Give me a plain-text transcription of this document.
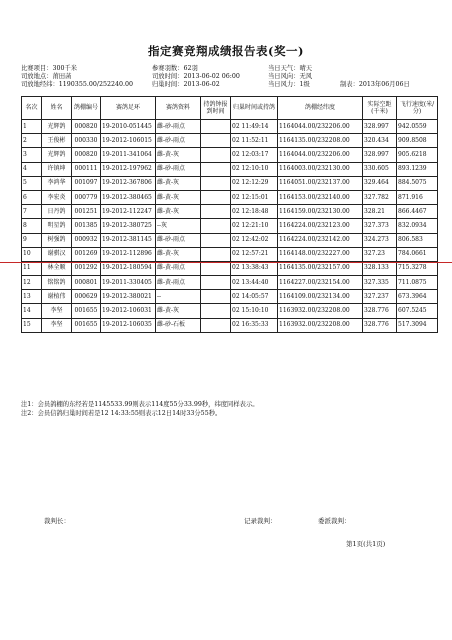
指定赛竞翔成绩报告表(奖一)
比赛项目：300千米	参赛羽数：62羽	当日天气：晴天
司放地点：莆田菡	司放时间：2013-06-02 06:00	当日风向：无风
司放地经纬：1190355.00/252240.00	归巢时间：2013-06-02	当日风力：1级	制表：2013年06月06日
名次	姓名	鸽棚编号	赛鸽足环	赛鸽资料	持鸽钟报到时间	归巢时间或持鸽	鸽棚经纬度	实际空距(千米)	飞行速度(米/分)
1	光辉鸽	000820	19-2010-051445	雌-砂-雨点		02 11:49:14	1164044.00/232206.00	328.997	942.0559
2	王俊彬	000330	19-2012-106015	雌-砂-雨点		02 11:52:11	1164135.00/232208.00	320.434	909.8508
3	光辉鸽	000820	19-2011-341064	雌-黄-灰		02 12:03:17	1164044.00/232206.00	328.997	905.6218
4	许镇坤	000111	19-2012-197962	雌-砂-雨点		02 12:10:10	1164003.00/232130.00	330.605	893.1239
5	李鸿华	001097	19-2012-367806	雌-黄-灰		02 12:12:29	1164051.00/232137.00	329.464	884.5075
6	李宏炎	000779	19-2012-380465	雌-黄-灰		02 12:15:01	1164153.00/232140.00	327.782	871.916
7	日丹鸽	001251	19-2012-112247	雌-黄-灰		02 12:18:48	1164159.00/232130.00	328.21	866.4467
8	明星鸽	001385	19-2012-380725	--灰		02 12:21:10	1164224.00/232123.00	327.373	832.0934
9	树强鸽	000932	19-2012-381145	雌-砂-雨点		02 12:42:02	1164224.00/232142.00	324.273	806.583
10	谢骐汉	001269	19-2012-112896	雌-黄-灰		02 12:57:21	1164148.00/232227.00	327.23	784.0661
11	林全顺	001292	19-2012-180594	雌-黄-雨点		02 13:38:43	1164135.00/232157.00	328.133	715.3278
12	铭铭鸽	000801	19-2011-330405	雌-黄-雨点		02 13:44:40	1164227.00/232154.00	327.335	711.0875
13	谢植伟	000629	19-2012-380021	--		02 14:05:57	1164109.00/232134.00	327.237	673.3964
14	李坚	001655	19-2012-106031	雌-黄-灰		02 15:10:10	1163932.00/232208.00	328.776	607.5245
15	李坚	001655	19-2012-106035	雌-砂-石板		02 16:35:33	1163932.00/232208.00	328.776	517.3094
注1：会员鸽棚的东经若是1145533.99则表示114度55分33.99秒，纬度同样表示。
注2：会员信鸽归巢时间若是12 14:33:55则表示12日14时33分55秒。
裁判长：	记录裁判：	委派裁判：
第1页(共1页)
